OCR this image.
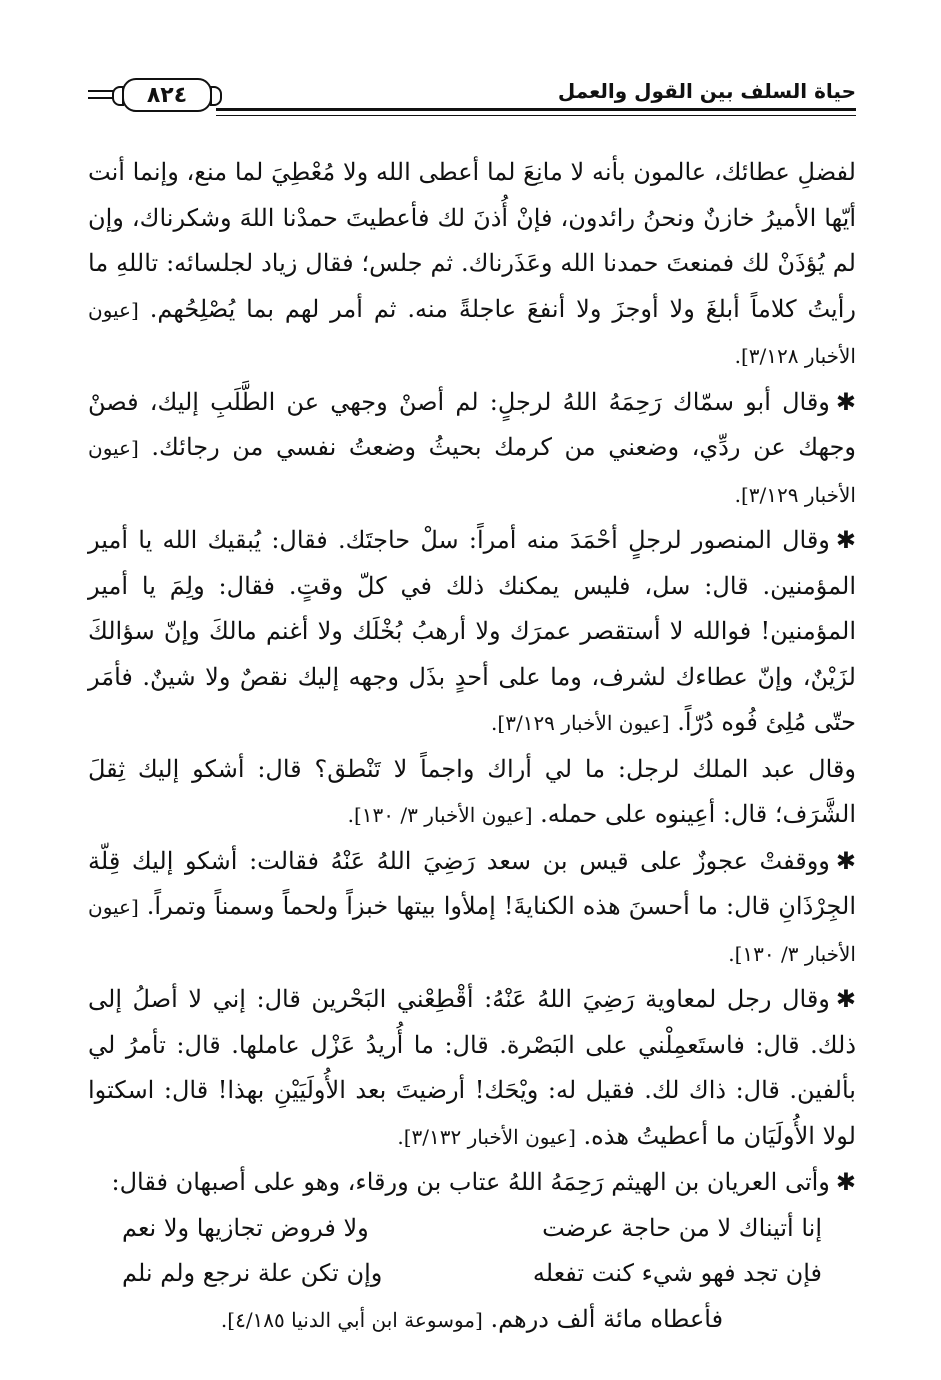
حياة السلف بين القول والعمل
٨٢٤

لفضلِ عطائك، عالمون بأنه لا مانِعَ لما أعطى الله ولا مُعْطِيَ لما منع، وإنما أنت أيّها الأميرُ خازنٌ ونحنُ رائدون، فإنْ أُذنَ لك فأعطيتَ حمدْنا اللهَ وشكرناك، وإن لم يُؤذَنْ لك فمنعتَ حمدنا الله وعَذَرناك. ثم جلس؛ فقال زياد لجلسائه: تاللهِ ما رأيتُ كلاماً أبلغَ ولا أوجزَ ولا أنفعَ عاجلةً منه. ثم أمر لهم بما يُصْلِحُهم. [عيون الأخبار ٣/١٢٨].

✱وقال أبو سمّاك رَحِمَهُ اللهُ لرجلٍ: لم أصنْ وجهي عن الطَّلَبِ إليك، فصنْ وجهك عن ردِّي، وضعني من كرمك بحيثُ وضعتُ نفسي من رجائك. [عيون الأخبار ٣/١٢٩].

✱وقال المنصور لرجلٍ أحْمَدَ منه أمراً: سلْ حاجتَك. فقال: يُبقيك الله يا أمير المؤمنين. قال: سل، فليس يمكنك ذلك في كلّ وقتٍ. فقال: ولِمَ يا أمير المؤمنين! فوالله لا أستقصر عمرَك ولا أرهبُ بُخْلَك ولا أغنم مالكَ وإنّ سؤالكَ لزَيْنٌ، وإنّ عطاءك لشرف، وما على أحدٍ بذَل وجهه إليك نقصٌ ولا شينٌ. فأمَر حتّى مُلِئ فُوه دُرّاً. [عيون الأخبار ٣/١٢٩].

وقال عبد الملك لرجل: ما لي أراك واجماً لا تَنْطق؟ قال: أشكو إليك ثِقلَ الشَّرَف؛ قال: أعِينوه على حمله. [عيون الأخبار ٣/ ١٣٠].

✱ووقفتْ عجوزٌ على قيس بن سعد رَضِيَ اللهُ عَنْهُ فقالت: أشكو إليك قِلّة الجِرْذَانِ قال: ما أحسنَ هذه الكنايةَ! إملأوا بيتها خبزاً ولحماً وسمناً وتمراً. [عيون الأخبار ٣/ ١٣٠].

✱وقال رجل لمعاوية رَضِيَ اللهُ عَنْهُ: أقْطِعْني البَحْرين قال: إني لا أصلُ إلى ذلك. قال: فاستَعمِلْني على البَصْرة. قال: ما أُريدُ عَزْل عاملها. قال: تأمرُ لي بألفين. قال: ذاك لك. فقيل له: ويْحَك! أرضيتَ بعد الأُولَيَيْنِ بهذا! قال: اسكتوا لولا الأُولَيَان ما أعطيتُ هذه. [عيون الأخبار ٣/١٣٢].

✱وأتى العريان بن الهيثم رَحِمَهُ اللهُ عتاب بن ورقاء، وهو على أصبهان فقال:

إنا أتيناك لا من حاجة عرضت
ولا فروض تجازيها ولا نعم
فإن تجد فهو شيء كنت تفعله
وإن تكن علة نرجع ولم نلم

فأعطاه مائة ألف درهم. [موسوعة ابن أبي الدنيا ٤/١٨٥].
